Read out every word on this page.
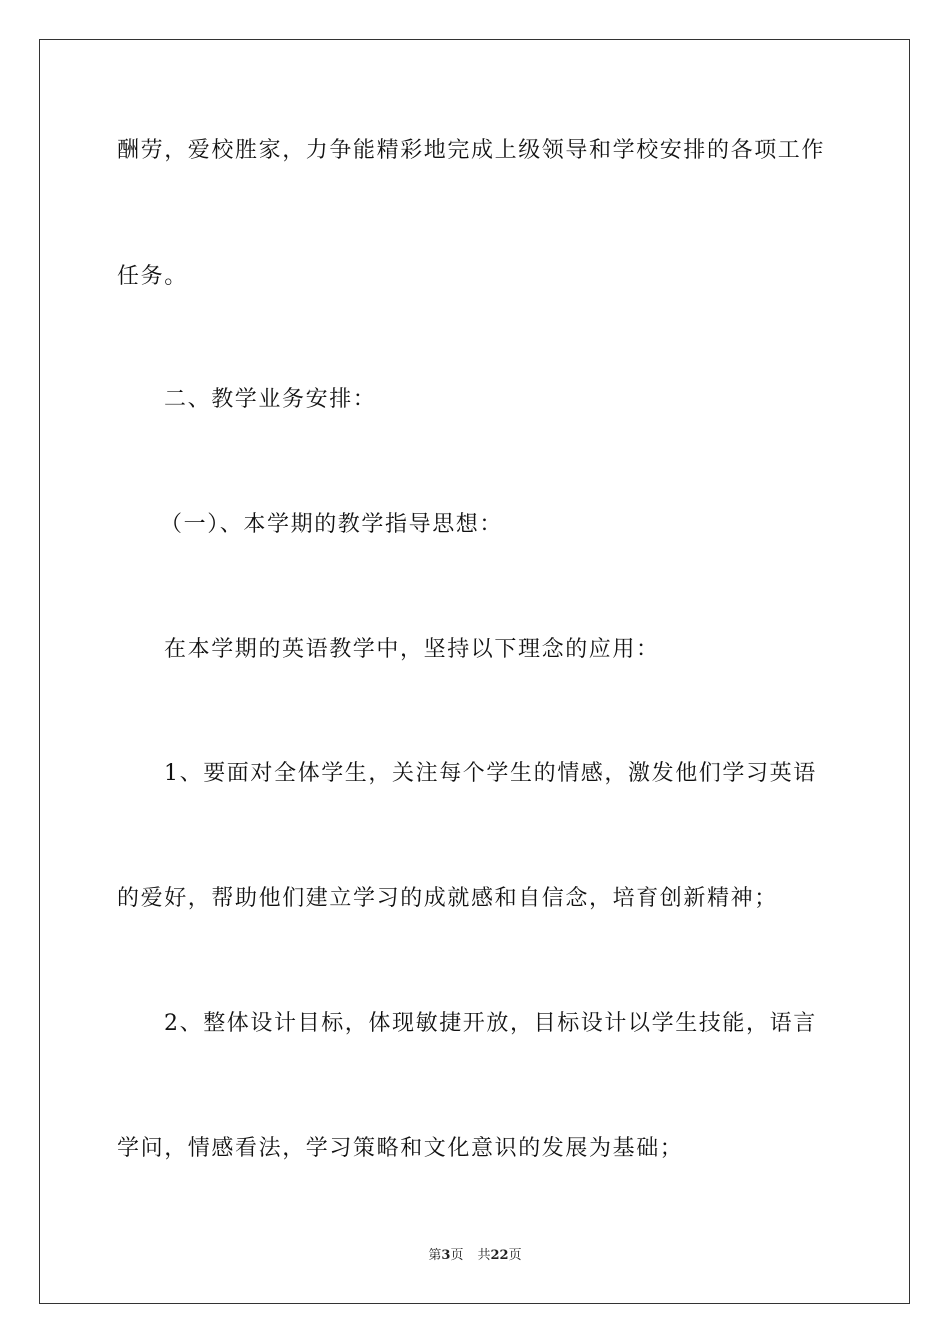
酬劳，爱校胜家，力争能精彩地完成上级领导和学校安排的各项工作
任务。
二、教学业务安排：
（一）、本学期的教学指导思想：
在本学期的英语教学中，坚持以下理念的应用：
1、要面对全体学生，关注每个学生的情感，激发他们学习英语
的爱好，帮助他们建立学习的成就感和自信念，培育创新精神；
2、整体设计目标，体现敏捷开放，目标设计以学生技能，语言
学问，情感看法，学习策略和文化意识的发展为基础；
第3页 共22页
